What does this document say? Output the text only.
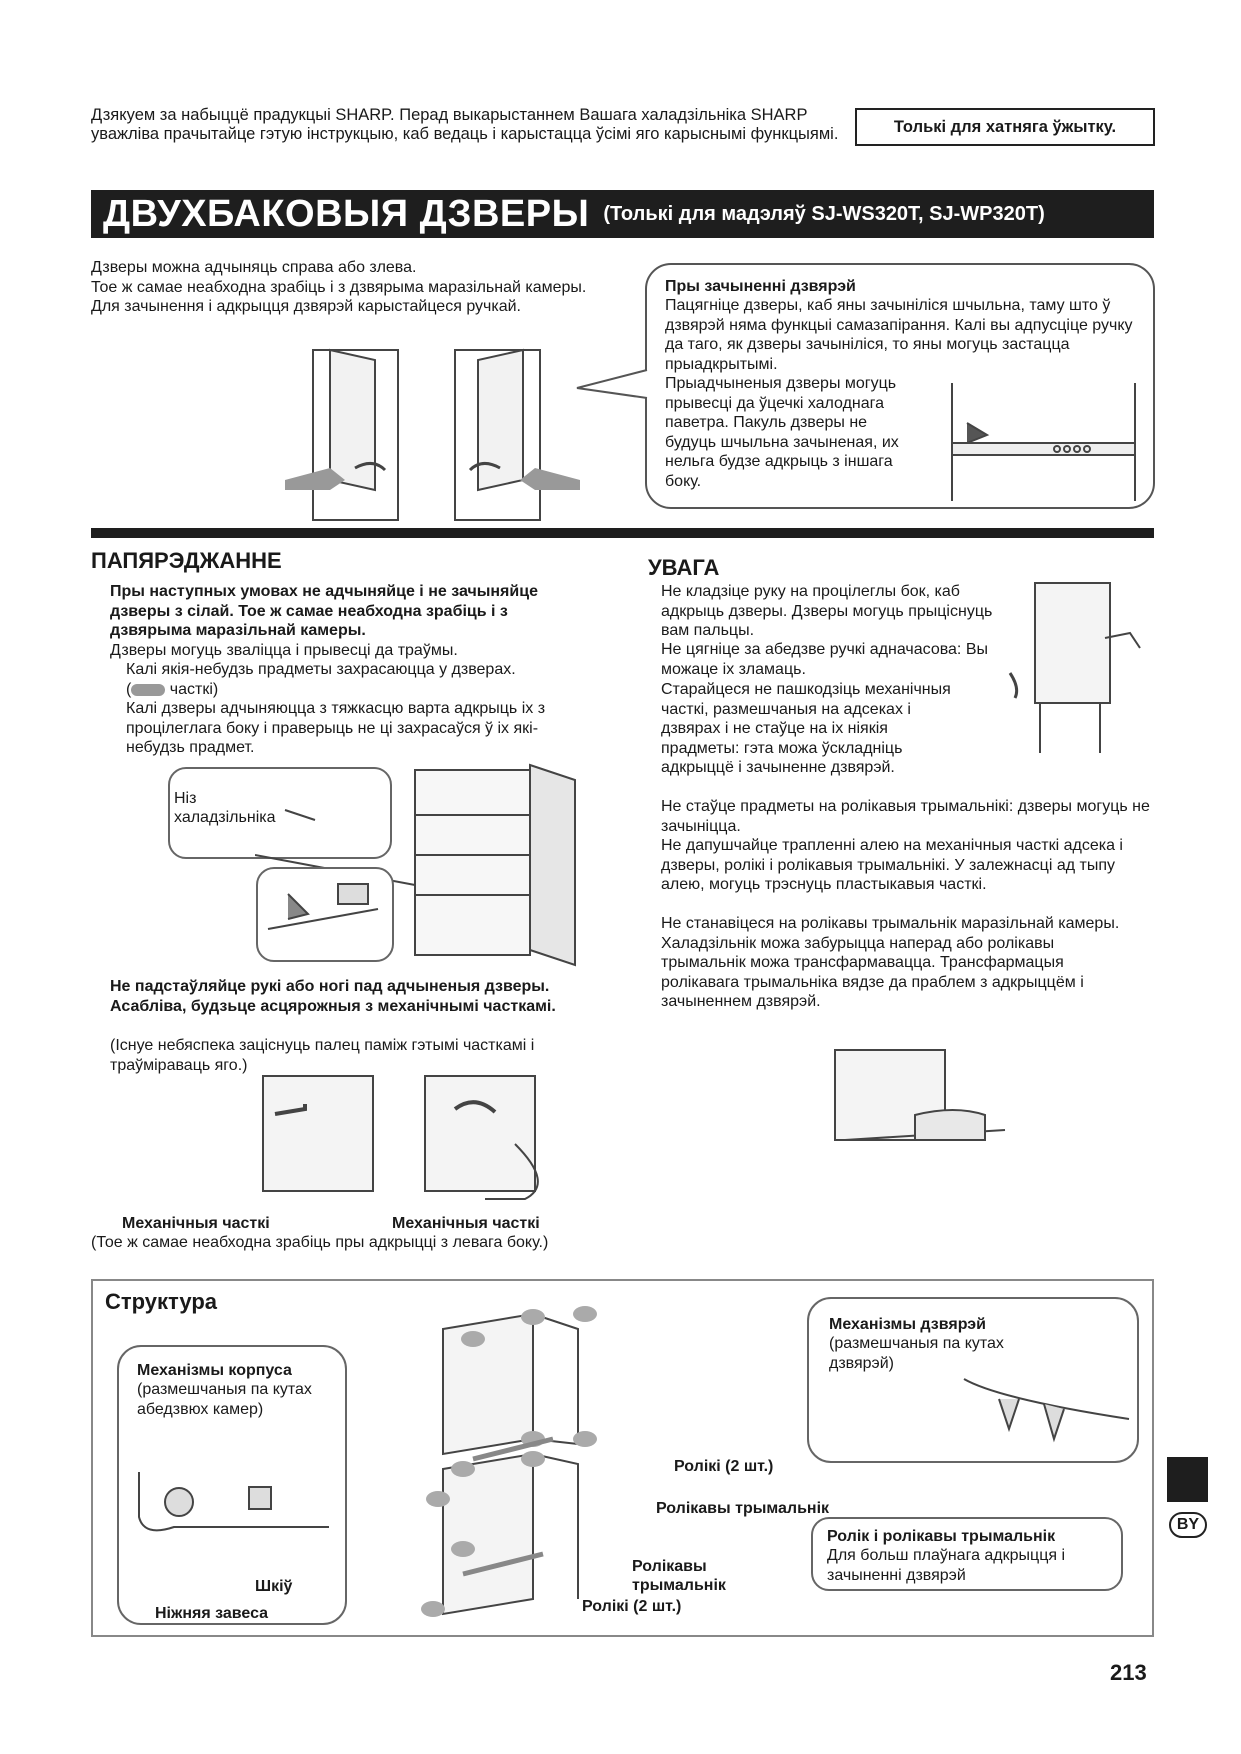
Дзякуем за набыццё прадукцыі SHARP. Перад выкарыстаннем Вашага халадзільніка SHARP уважліва прачытайце гэтую інструкцыю, каб ведаць і карыстацца ўсімі яго карыснымі функцыямі.	Толькі для хатняга ўжытку.
ДВУХБАКОВЫЯ ДЗВЕРЫ (Толькі для мадэляў SJ-WS320T, SJ-WP320T)
Дзверы можна адчыняць справа або злева.
Тое ж самае неабходна зрабіць і з дзвярыма маразільнай камеры.
Для зачынення і адкрыцця дзвярэй карыстайцеся ручкай.
Пры зачыненні дзвярэй
Пацягніце дзверы, каб яны зачыніліся шчыльна, таму што ў дзвярэй няма функцыі самазапірання. Калі вы адпусціце ручку да таго, як дзверы зачыніліся, то яны могуць застацца прыадкрытымі.
Прыадчыненыя дзверы могуць прывесці да ўцечкі халоднага паветра. Пакуль дзверы не будуць шчыльна зачыненая, их нельга будзе адкрыць з іншага боку.
ПАПЯРЭДЖАННЕ
Пры наступных умовах не адчыняйце і не зачыняйце дзверы з сілай. Тое ж самае неабходна зрабіць і з дзвярыма маразільнай камеры.
Дзверы могуць зваліцца і прывесці да траўмы.
Калі якія-небудзь прадметы захрасаюцца у дзверах.
( часткі)
Калі дзверы адчыняюцца з тяжкасцю варта адкрыць іх з процілеглага боку і праверыць не ці захрасаўся ў іх які-небудзь прадмет.
Ніз халадзільніка
Не падстаўляйце рукі або ногі пад адчыненыя дзверы. Асабліва, будзьце асцярожныя з механічнымі часткамі.
(Існуе небяспека заціснуць палец паміж гэтымі часткамі і траўміраваць яго.)
Механічныя часткі	Механічныя часткі
(Тое ж самае неабходна зрабіць пры адкрыцці з левага боку.)
УВАГА
Не кладзіце руку на процілеглы бок, каб адкрыць дзверы. Дзверы могуць прыціснуць вам пальцы.
Не цягніце за абедзве ручкі адначасова: Вы можаце іх зламаць.
Старайцеся не пашкодзіць механічныя часткі, размешчаныя на адсеках і дзвярах і не стаўце на іх ніякія прадметы: гэта можа ўскладніць адкрыццё і зачыненне дзвярэй.
Не стаўце прадметы на ролікавыя трымальнікі: дзверы могуць не зачыніцца.
Не дапушчайце трапленні алею на механічныя часткі адсека і дзверы, ролікі і ролікавыя трымальнікі. У залежнасці ад тыпу алею, могуць трэснуць пластыкавыя часткі.
Не станавіцеся на ролікавы трымальнік маразільнай камеры. Халадзільнік можа забурыцца наперад або ролікавы трымальнік можа трансфармавацца. Трансфармацыя ролікавага трымальніка вядзе да праблем з адкрыццём і зачыненнем дзвярэй.
Структура
Механізмы корпуса
(размешчаныя па кутах абедзвюх камер)
Шкіў
Ніжняя завеса
Ролікі (2 шт.)
Ролікавы трымальнік
Ролікавы трымальнік
Ролікі (2 шт.)
Механізмы дзвярэй
(размешчаныя па кутах дзвярэй)
Ролік і ролікавы трымальнік
Для больш плаўнага адкрыцця і зачыненні дзвярэй
BY
213
